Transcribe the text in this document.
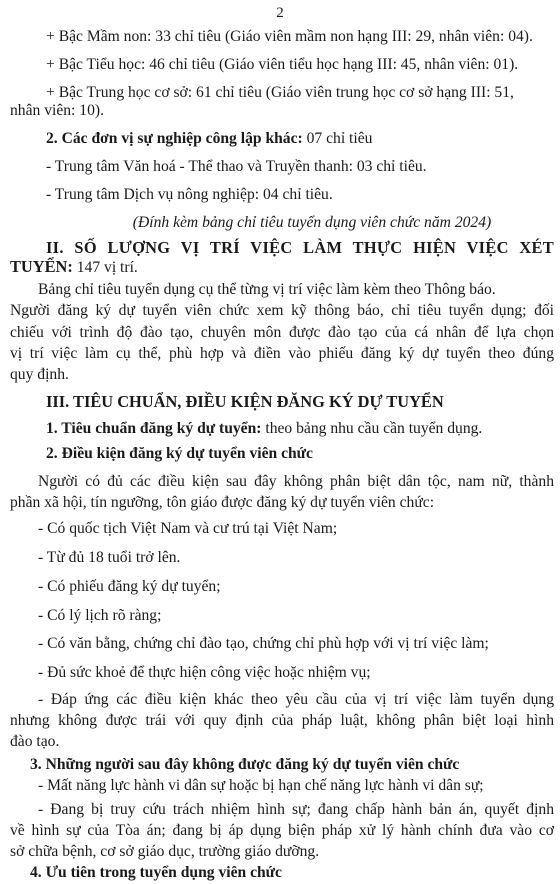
2
+ Bậc Mầm non: 33 chỉ tiêu (Giáo viên mầm non hạng III: 29, nhân viên: 04).
+ Bậc Tiểu học: 46 chỉ tiêu (Giáo viên tiểu học hạng III: 45, nhân viên: 01).
+ Bậc Trung học cơ sở: 61 chỉ tiêu (Giáo viên trung học cơ sở hạng III: 51,
nhân viên: 10).
2. Các đơn vị sự nghiệp công lập khác: 07 chỉ tiêu
- Trung tâm Văn hoá - Thể thao và Truyền thanh: 03 chỉ tiêu.
- Trung tâm Dịch vụ nông nghiệp: 04 chỉ tiêu.
(Đính kèm bảng chỉ tiêu tuyển dụng viên chức năm 2024)
II. SỐ LƯỢNG VỊ TRÍ VIỆC LÀM THỰC HIỆN VIỆC XÉT
TUYỂN: 147 vị trí.
Bảng chỉ tiêu tuyển dụng cụ thể từng vị trí việc làm kèm theo Thông báo.
Người đăng ký dự tuyển viên chức xem kỹ thông báo, chỉ tiêu tuyển dụng; đối
chiếu với trình độ đào tạo, chuyên môn được đào tạo của cá nhân để lựa chọn
vị trí việc làm cụ thể, phù hợp và điền vào phiếu đăng ký dự tuyển theo đúng
quy định.
III. TIÊU CHUẨN, ĐIỀU KIỆN ĐĂNG KÝ DỰ TUYỂN
1. Tiêu chuẩn đăng ký dự tuyển: theo bảng nhu cầu cần tuyển dụng.
2. Điều kiện đăng ký dự tuyển viên chức
Người có đủ các điều kiện sau đây không phân biệt dân tộc, nam nữ, thành
phần xã hội, tín ngưỡng, tôn giáo được đăng ký dự tuyển viên chức:
- Có quốc tịch Việt Nam và cư trú tại Việt Nam;
- Từ đủ 18 tuổi trở lên.
- Có phiếu đăng ký dự tuyển;
- Có lý lịch rõ ràng;
- Có văn bằng, chứng chỉ đào tạo, chứng chỉ phù hợp với vị trí việc làm;
- Đủ sức khoẻ để thực hiện công việc hoặc nhiệm vụ;
- Đáp ứng các điều kiện khác theo yêu cầu của vị trí việc làm tuyển dụng
nhưng không được trái với quy định của pháp luật, không phân biệt loại hình
đào tạo.
3. Những người sau đây không được đăng ký dự tuyển viên chức
- Mất năng lực hành vi dân sự hoặc bị hạn chế năng lực hành vi dân sự;
- Đang bị truy cứu trách nhiệm hình sự; đang chấp hành bản án, quyết định
về hình sự của Tòa án; đang bị áp dụng biện pháp xử lý hành chính đưa vào cơ
sở chữa bệnh, cơ sở giáo dục, trường giáo dưỡng.
4. Ưu tiên trong tuyển dụng viên chức
